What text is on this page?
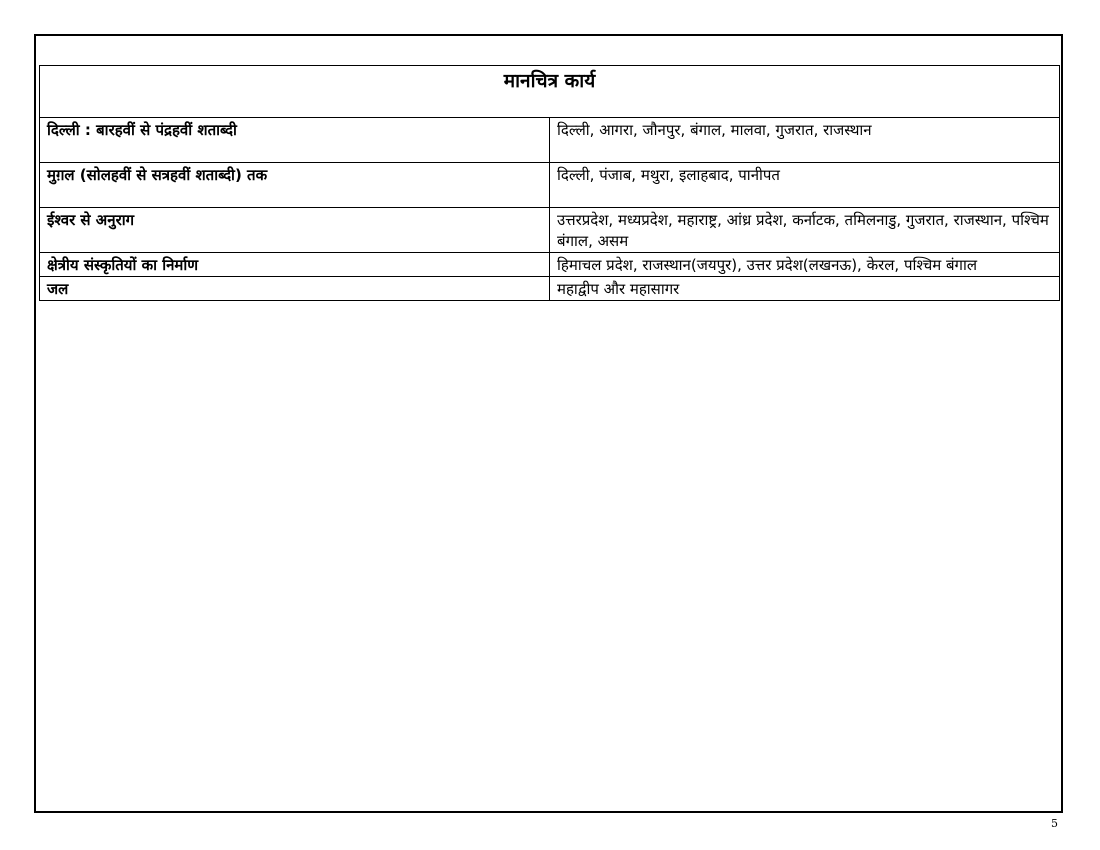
मानचित्र कार्य	
दिल्ली : बारहवीं से पंद्रहवीं शताब्दी	दिल्ली, आगरा, जौनपुर, बंगाल, मालवा, गुजरात, राजस्थान
मुग़ल (सोलहवीं से सत्रहवीं शताब्दी) तक	दिल्ली, पंजाब, मथुरा, इलाहबाद, पानीपत
ईश्वर से अनुराग	उत्तरप्रदेश, मध्यप्रदेश, महाराष्ट्र, आंध्र प्रदेश, कर्नाटक, तमिलनाडु, गुजरात, राजस्थान, पश्चिम बंगाल, असम
क्षेत्रीय संस्कृतियों का निर्माण	हिमाचल प्रदेश, राजस्थान(जयपुर), उत्तर प्रदेश(लखनऊ), केरल, पश्चिम बंगाल
जल	महाद्वीप और महासागर
5
